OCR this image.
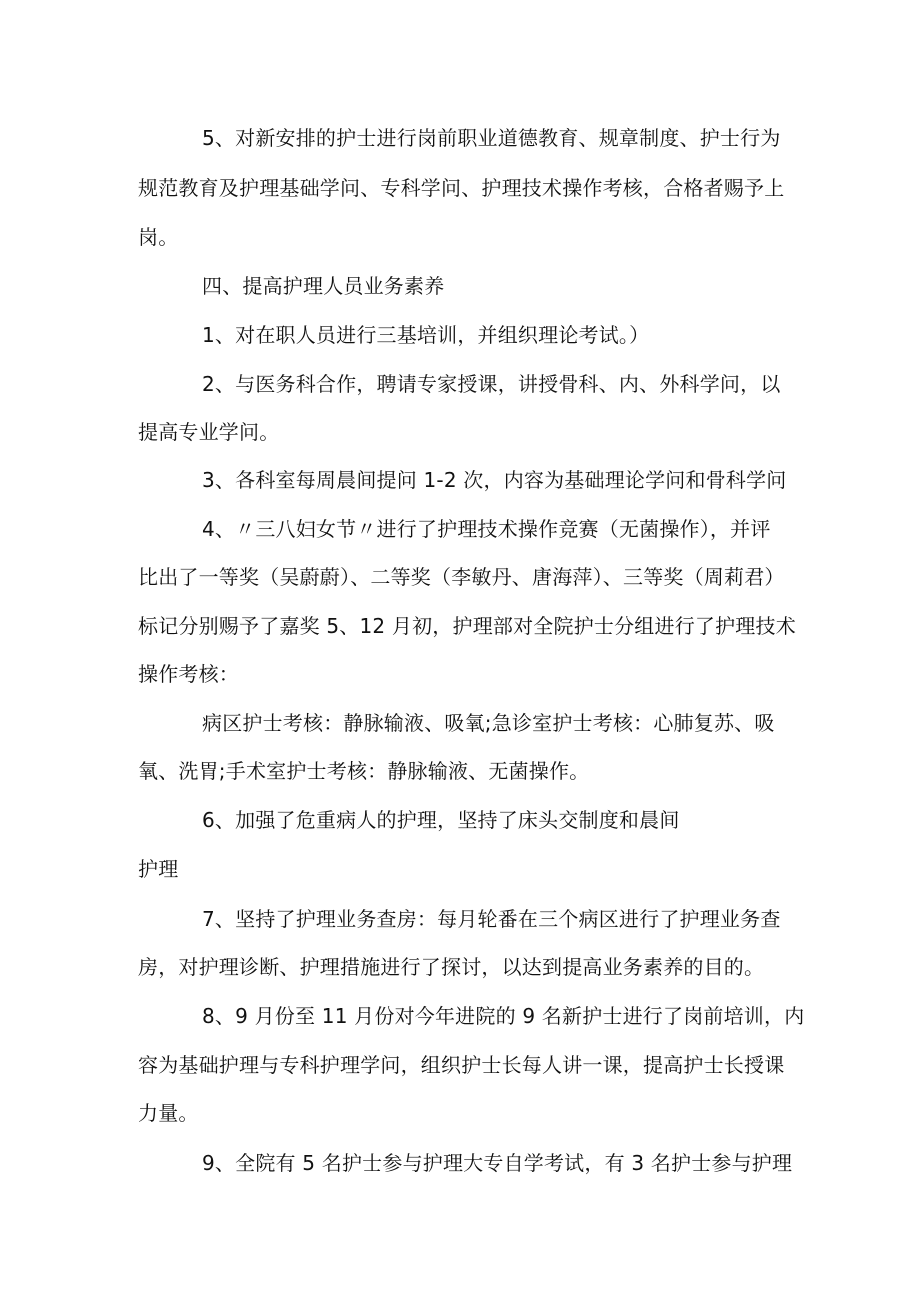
5、对新安排的护士进行岗前职业道德教育、规章制度、护士行为

规范教育及护理基础学问、专科学问、护理技术操作考核，合格者赐予上

岗。

四、提高护理人员业务素养

1、对在职人员进行三基培训，并组织理论考试。）

2、与医务科合作，聘请专家授课，讲授骨科、内、外科学问，以

提高专业学问。

3、各科室每周晨间提问 1-2 次，内容为基础理论学问和骨科学问

4、〃三八妇女节〃进行了护理技术操作竞赛（无菌操作），并评

比出了一等奖（吴蔚蔚）、二等奖（李敏丹、唐海萍）、三等奖（周莉君）

标记分别赐予了嘉奖 5、12 月初，护理部对全院护士分组进行了护理技术

操作考核：

病区护士考核：静脉输液、吸氧;急诊室护士考核：心肺复苏、吸

氧、洗胃;手术室护士考核：静脉输液、无菌操作。

6、加强了危重病人的护理，坚持了床头交制度和晨间

护理

7、坚持了护理业务查房：每月轮番在三个病区进行了护理业务查

房，对护理诊断、护理措施进行了探讨，以达到提高业务素养的目的。

8、9 月份至 11 月份对今年进院的 9 名新护士进行了岗前培训，内

容为基础护理与专科护理学问，组织护士长每人讲一课，提高护士长授课

力量。

9、全院有 5 名护士参与护理大专自学考试，有 3 名护士参与护理
